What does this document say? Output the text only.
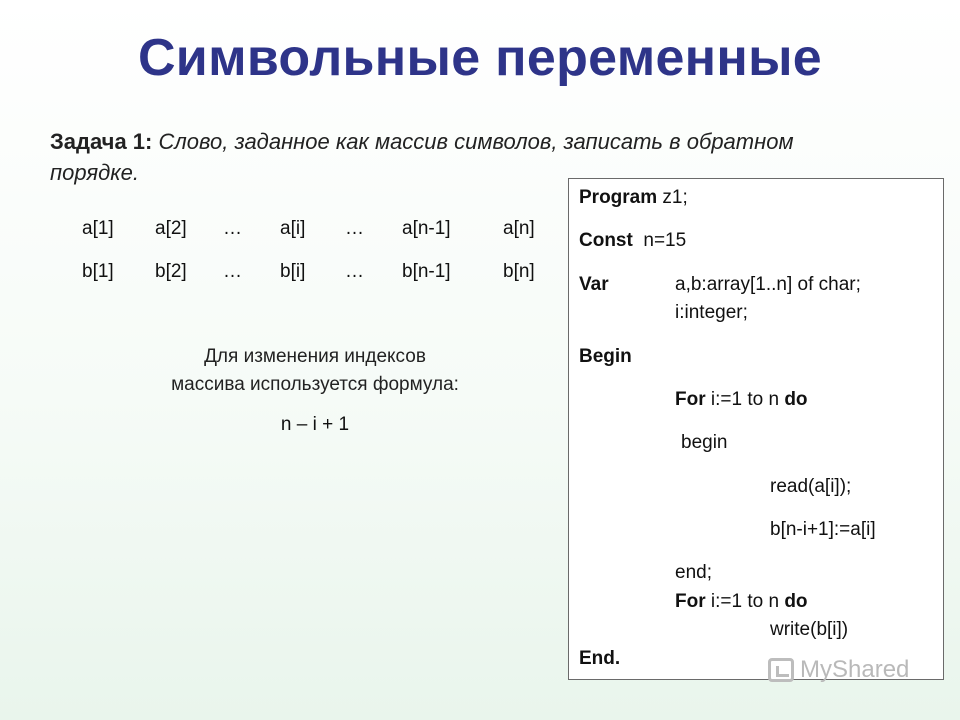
Символьные переменные
Задача 1: Слово, заданное как массив символов, записать в обратном порядке.
a[1] a[2] … a[i] … a[n-1]	a[n]
b[1] b[2] … b[i] … b[n-1]	b[n]
Для изменения индексов
массива используется формула:
n – i + 1
Program z1;
Const  n=15
Var	a,b:array[1..n] of char;
i:integer;
Begin
For i:=1 to n do
begin
read(a[i]);
b[n-i+1]:=a[i]
end;
For i:=1 to n do
write(b[i])
End.	MyShared
